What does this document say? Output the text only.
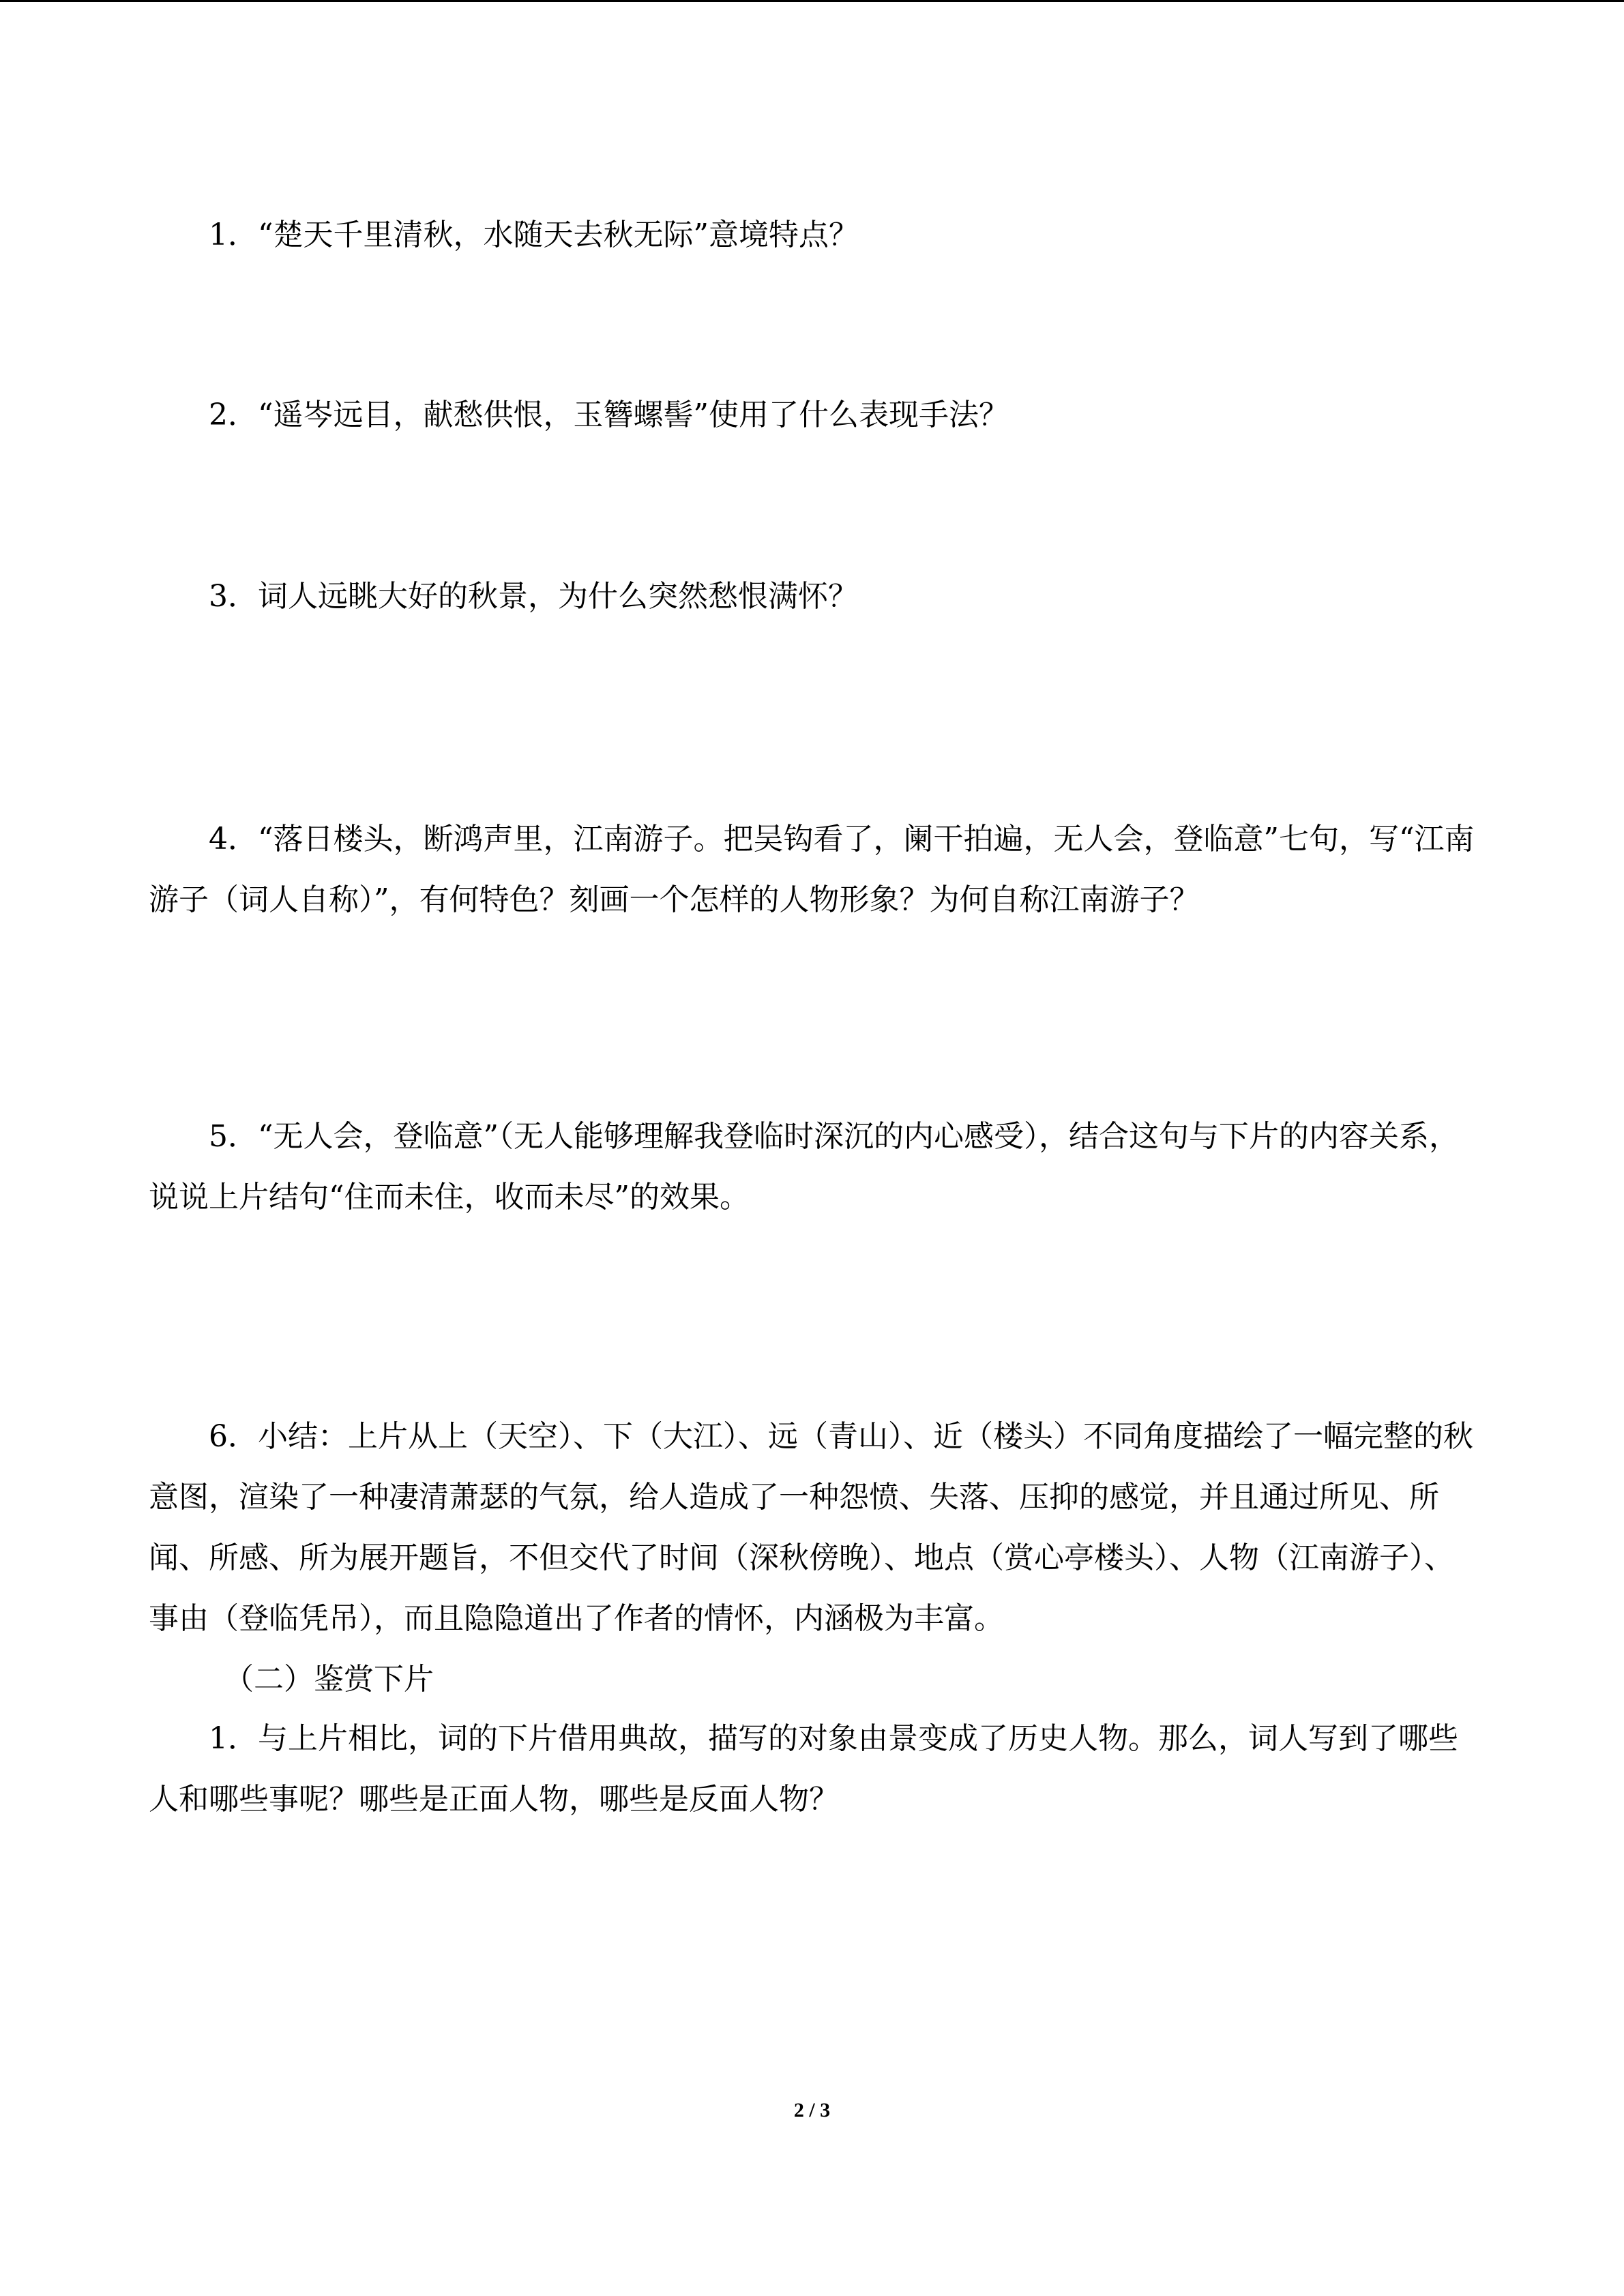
1．“楚天千里清秋，水随天去秋无际”意境特点？

2．“遥岑远目，献愁供恨，玉簪螺髻”使用了什么表现手法？

3．词人远眺大好的秋景，为什么突然愁恨满怀？

4．“落日楼头，断鸿声里，江南游子。把吴钩看了，阑干拍遍，无人会，登临意”七句，写“江南游子（词人自称）”，有何特色？刻画一个怎样的人物形象？为何自称江南游子？

5．“无人会，登临意”（无人能够理解我登临时深沉的内心感受），结合这句与下片的内容关系，说说上片结句“住而未住，收而未尽”的效果。

6．小结：上片从上（天空）、下（大江）、远（青山）、近（楼头）不同角度描绘了一幅完整的秋意图，渲染了一种凄清萧瑟的气氛，给人造成了一种怨愤、失落、压抑的感觉，并且通过所见、所闻、所感、所为展开题旨，不但交代了时间（深秋傍晚）、地点（赏心亭楼头）、人物（江南游子）、事由（登临凭吊），而且隐隐道出了作者的情怀，内涵极为丰富。

（二）鉴赏下片

1．与上片相比，词的下片借用典故，描写的对象由景变成了历史人物。那么，词人写到了哪些人和哪些事呢？哪些是正面人物，哪些是反面人物？

2 / 3
